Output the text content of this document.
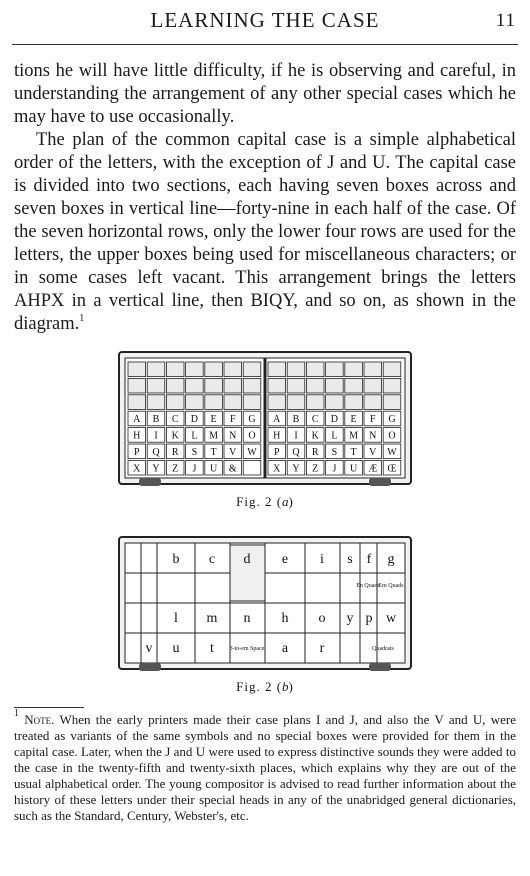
LEARNING THE CASE	11

tions he will have little difficulty, if he is observing and careful, in understanding the arrangement of any other special cases which he may have to use occasionally.

The plan of the common capital case is a simple alphabetical order of the letters, with the exception of J and U. The capital case is divided into two sections, each having seven boxes across and seven boxes in vertical line—forty-nine in each half of the case. Of the seven horizontal rows, only the lower four rows are used for the letters, the upper boxes being used for miscellaneous characters; or in some cases left vacant. This arrangement brings the letters AHPX in a vertical line, then BIQY, and so on, as shown in the diagram.$^1$

A B C D E F G
H I K L M N O
P Q R S T V W
X Y Z J U &
A B C D E F G
H I K L M N O
P Q R S T V W
X Y Z J U Æ Œ
Fig. 2 (a)
b c d e i s f g
l m n h o y p w
v u t	a r
En Quads
Em Quads
3-to-em Space	Quadrats
Fig. 2 (b)
$^1$ Note. When the early printers made their case plans I and J, and also the V and U, were treated as variants of the same symbols and no special boxes were provided for them in the capital case. Later, when the J and U were used to express distinctive sounds they were added to the case in the twenty-fifth and twenty-sixth places, which explains why they are out of the usual alphabetical order. The young compositor is advised to read further information about the history of these letters under their special heads in any of the unabridged general dictionaries, such as the Standard, Century, Webster's, etc.
